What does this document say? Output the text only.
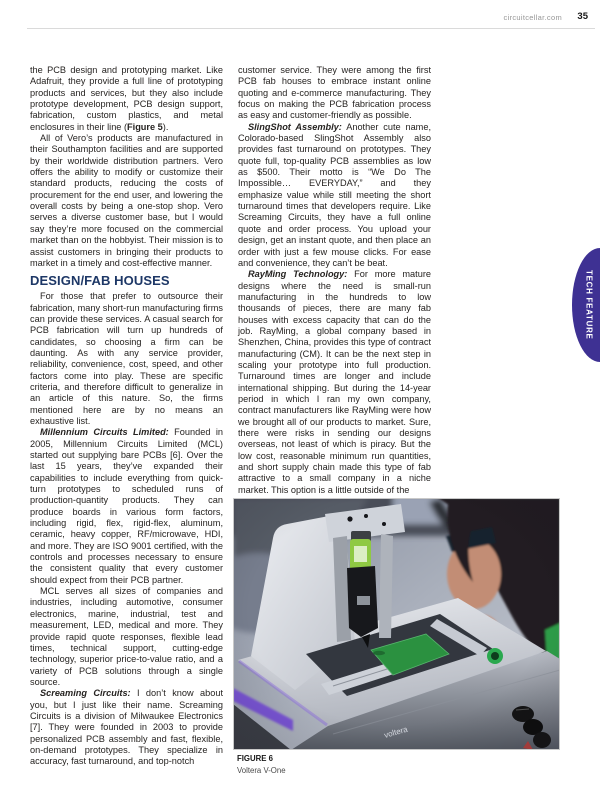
circuitcellar.com 35
TECH FEATURE

the PCB design and prototyping market. Like Adafruit, they provide a full line of prototyping products and services, but they also include prototype development, PCB design support, fabrication, custom plastics, and metal enclosures in their line (Figure 5).

All of Vero’s products are manufactured in their Southampton facilities and are supported by their worldwide distribution partners. Vero offers the ability to modify or customize their standard products, reducing the costs of procurement for the end user, and lowering the overall costs by being a one-stop shop. Vero serves a diverse customer base, but I would say they’re more focused on the commercial market than on the hobbyist. Their mission is to assist customers in bringing their products to market in a timely and cost-effective manner.

DESIGN/FAB HOUSES

For those that prefer to outsource their fabrication, many short-run manufacturing firms can provide these services. A casual search for PCB fabrication will turn up hundreds of candidates, so choosing a firm can be daunting. As with any service provider, reliability, convenience, cost, speed, and other factors come into play. These are specific criteria, and therefore difficult to generalize in an article of this nature. So, the firms mentioned here are by no means an exhaustive list.

Millennium Circuits Limited: Founded in 2005, Millennium Circuits Limited (MCL) started out supplying bare PCBs [6]. Over the last 15 years, they’ve expanded their capabilities to include everything from quick-turn prototypes to scheduled runs of production-quantity products. They can produce boards in various form factors, including rigid, flex, rigid-flex, aluminum, ceramic, heavy copper, RF/microwave, HDI, and more. They are ISO 9001 certified, with the controls and processes necessary to ensure the consistent quality that every customer should expect from their PCB partner.

MCL serves all sizes of companies and industries, including automotive, consumer electronics, marine, industrial, test and measurement, LED, medical and more. They provide rapid quote responses, flexible lead times, technical support, cutting-edge technology, superior price-to-value ratio, and a variety of PCB solutions through a single source.

Screaming Circuits: I don’t know about you, but I just like their name. Screaming Circuits is a division of Milwaukee Electronics [7]. They were founded in 2003 to provide personalized PCB assembly and fast, flexible, on-demand prototypes. They specialize in accuracy, fast turnaround, and top-notch

customer service. They were among the first PCB fab houses to embrace instant online quoting and e-commerce manufacturing. They focus on making the PCB fabrication process as easy and customer-friendly as possible.

SlingShot Assembly: Another cute name, Colorado-based SlingShot Assembly also provides fast turnaround on prototypes. They quote full, top-quality PCB assemblies as low as $500. Their motto is “We Do The Impossible… EVERYDAY,” and they emphasize value while still meeting the short turnaround times that developers require. Like Screaming Circuits, they have a full online quote and order process. You upload your design, get an instant quote, and then place an order with just a few mouse clicks. For ease and convenience, they can’t be beat.

RayMing Technology: For more mature designs where the need is small-run manufacturing in the hundreds to low thousands of pieces, there are many fab houses with excess capacity that can do the job. RayMing, a global company based in Shenzhen, China, provides this type of contract manufacturing (CM). It can be the next step in scaling your prototype into full production. Turnaround times are longer and include international shipping. But during the 14-year period in which I ran my own company, contract manufacturers like RayMing were how we brought all of our products to market. Sure, there were risks in sending our designs overseas, not least of which is piracy. But the low cost, reasonable minimum run quantities, and short supply chain made this type of fab attractive to a small company in a niche market. This option is a little outside of the

FIGURE 6
Voltera V-One
